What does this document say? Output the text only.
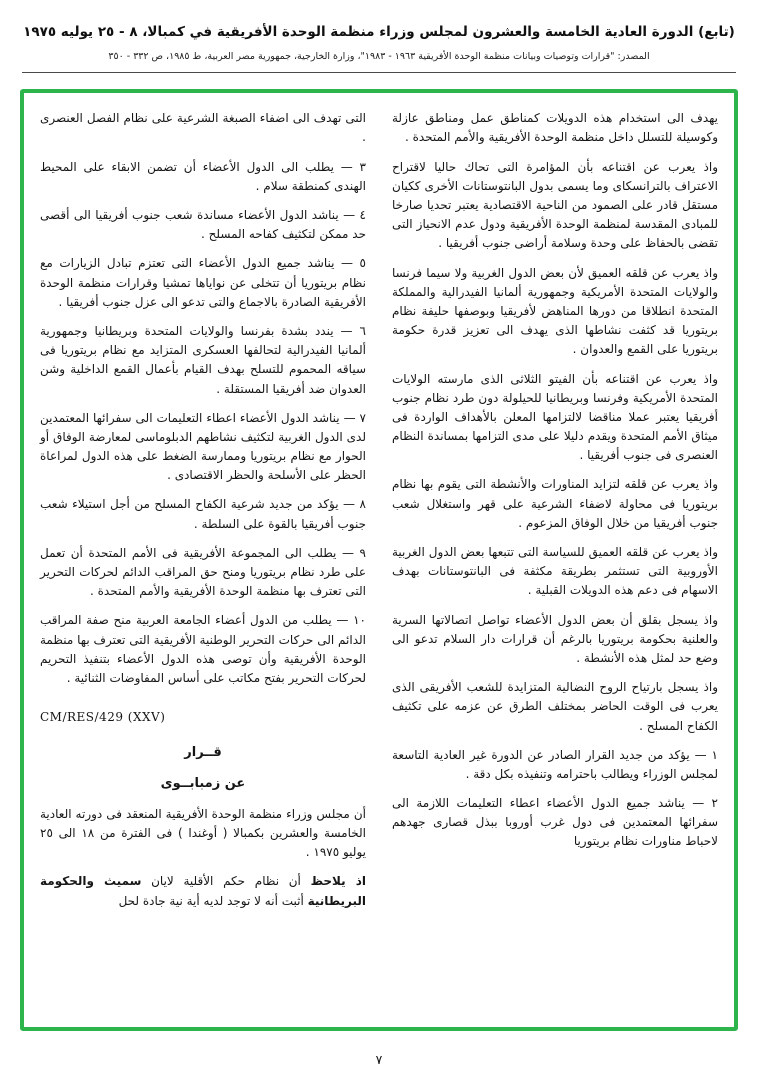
(تابع) الدورة العادية الخامسة والعشرون لمجلس وزراء منظمة الوحدة الأفريقية في كمبالا، ٨ - ٢٥ يوليه ١٩٧٥
المصدر: "قرارات وتوصيات وبيانات منظمة الوحدة الأفريقية ١٩٦٣ - ١٩٨٣"، وزارة الخارجية، جمهورية مصر العربية، ط ١٩٨٥، ص ٣٣٢ - ٣٥٠

يهدف الى استخدام هذه الدويلات كمناطق عمل ومناطق عازلة وكوسيلة للتسلل داخل منظمة الوحدة الأفريقية والأمم المتحدة .

واذ يعرب عن اقتناعه بأن المؤامرة التى تحاك حاليا لاقتراح الاعتراف بالترانسكاى وما يسمى بدول البانتوستانات الأخرى ككيان مستقل قادر على الصمود من الناحية الاقتصادية يعتبر تحديا صارخا للمبادى المقدسة لمنظمة الوحدة الأفريقية ودول عدم الانحياز التى تقضى بالحفاظ على وحدة وسلامة أراضى جنوب أفريقيا .

واذ يعرب عن قلقه العميق لأن بعض الدول الغربية ولا سيما فرنسا والولايات المتحدة الأمريكية وجمهورية ألمانيا الفيدرالية والمملكة المتحدة انطلاقا من دورها المناهض لأفريقيا وبوصفها حليفة نظام بريتوريا قد كثفت نشاطها الذى يهدف الى تعزيز قدرة حكومة بريتوريا على القمع والعدوان .

واذ يعرب عن اقتناعه بأن الفيتو الثلاثى الذى مارسته الولايات المتحدة الأمريكية وفرنسا وبريطانيا للحيلولة دون طرد نظام جنوب أفريقيا يعتبر عملا مناقضا لالتزامها المعلن بالأهداف الواردة فى ميثاق الأمم المتحدة ويقدم دليلا على مدى التزامها بمساندة النظام العنصرى فى جنوب أفريقيا .

واذ يعرب عن قلقه لتزايد المناورات والأنشطة التى يقوم بها نظام بريتوريا فى محاولة لاضفاء الشرعية على قهر واستغلال شعب جنوب أفريقيا من خلال الوفاق المزعوم .

واذ يعرب عن قلقه العميق للسياسة التى تتبعها بعض الدول الغربية الأوروبية التى تستثمر بطريقة مكثفة فى البانتوستانات بهدف الاسهام فى دعم هذه الدويلات القبلية .

واذ يسجل بقلق أن بعض الدول الأعضاء تواصل اتصالاتها السرية والعلنية بحكومة بريتوريا بالرغم أن قرارات دار السلام تدعو الى وضع حد لمثل هذه الأنشطة .

واذ يسجل بارتياح الروح النضالية المتزايدة للشعب الأفريقى الذى يعرب فى الوقت الحاضر بمختلف الطرق عن عزمه على تكثيف الكفاح المسلح .

١ — يؤكد من جديد القرار الصادر عن الدورة غير العادية التاسعة لمجلس الوزراء ويطالب باحترامه وتنفيذه بكل دقة .

٢ — يناشد جميع الدول الأعضاء اعطاء التعليمات اللازمة الى سفرائها المعتمدين فى دول غرب أوروبا ببذل قصارى جهدهم لاحباط مناورات نظام بريتوريا

التى تهدف الى اضفاء الصبغة الشرعية على نظام الفصل العنصرى .

٣ — يطلب الى الدول الأعضاء أن تضمن الابقاء على المحيط الهندى كمنطقة سلام .

٤ — يناشد الدول الأعضاء مساندة شعب جنوب أفريقيا الى أقصى حد ممكن لتكثيف كفاحه المسلح .

٥ — يناشد جميع الدول الأعضاء التى تعتزم تبادل الزيارات مع نظام بريتوريا أن تتخلى عن نواياها تمشيا وقرارات منظمة الوحدة الأفريقية الصادرة بالاجماع والتى تدعو الى عزل جنوب أفريقيا .

٦ — يندد بشدة بفرنسا والولايات المتحدة وبريطانيا وجمهورية ألمانيا الفيدرالية لتحالفها العسكرى المتزايد مع نظام بريتوريا فى سياقه المحموم للتسلح بهدف القيام بأعمال القمع الداخلية وشن العدوان ضد أفريقيا المستقلة .

٧ — يناشد الدول الأعضاء اعطاء التعليمات الى سفرائها المعتمدين لدى الدول الغربية لتكثيف نشاطهم الدبلوماسى لمعارضة الوفاق أو الحوار مع نظام بريتوريا وممارسة الضغط على هذه الدول لمراعاة الحظر على الأسلحة والحظر الاقتصادى .

٨ — يؤكد من جديد شرعية الكفاح المسلح من أجل استيلاء شعب جنوب أفريقيا بالقوة على السلطة .

٩ — يطلب الى المجموعة الأفريقية فى الأمم المتحدة أن تعمل على طرد نظام بريتوريا ومنح حق المراقب الدائم لحركات التحرير التى تعترف بها منظمة الوحدة الأفريقية والأمم المتحدة .

١٠ — يطلب من الدول أعضاء الجامعة العربية منح صفة المراقب الدائم الى حركات التحرير الوطنية الأفريقية التى تعترف بها منظمة الوحدة الأفريقية وأن توصى هذه الدول الأعضاء بتنفيذ التحريم لحركات التحرير بفتح مكاتب على أساس المفاوضات الثنائية .

CM/RES/429 (XXV)

قــرار

عن زمبابــوى

أن مجلس وزراء منظمة الوحدة الأفريقية المنعقد فى دورته العادية الخامسة والعشرين بكمبالا ( أوغندا ) فى الفترة من ١٨ الى ٢٥ يوليو ١٩٧٥ .

اذ يلاحظ أن نظام حكم الأقلية لايان سميث والحكومة البريطانية أثبت أنه لا توجد لديه أية نية جادة لحل

٧
